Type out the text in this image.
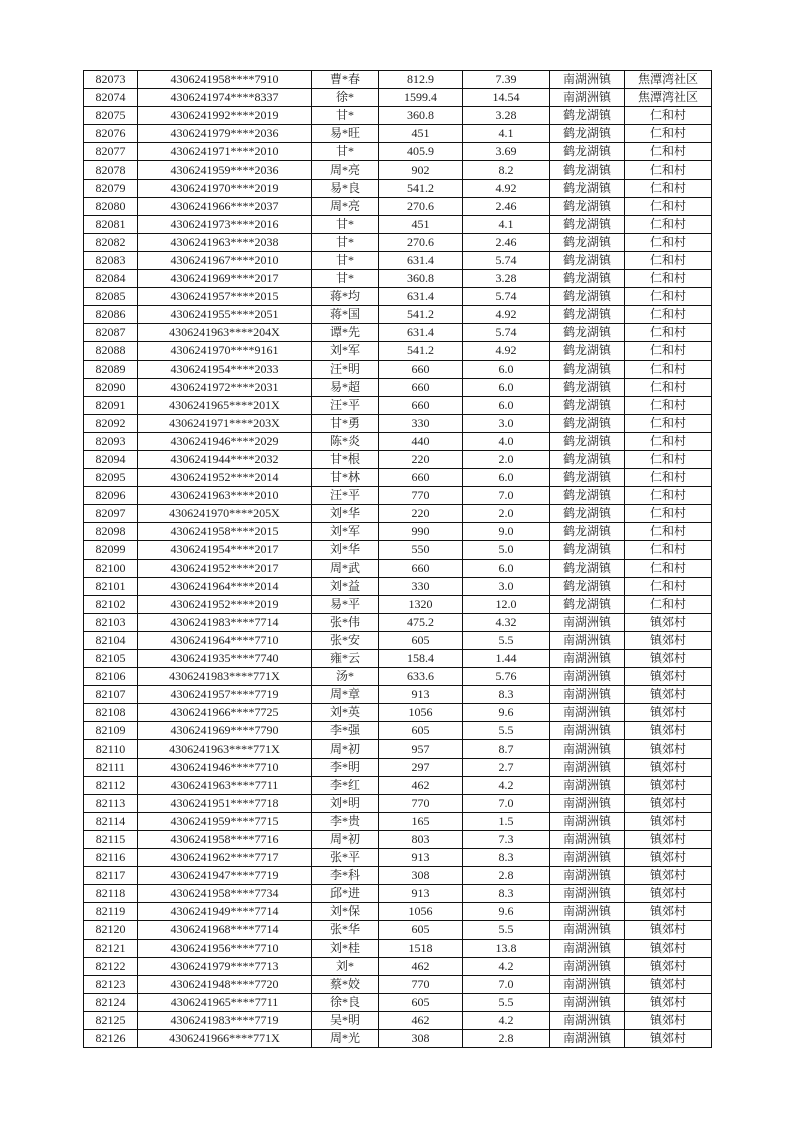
82073	4306241958****7910	曹*春	812.9	7.39	南湖洲镇	焦潭湾社区
82074	4306241974****8337	徐*	1599.4	14.54	南湖洲镇	焦潭湾社区
82075	4306241992****2019	甘*	360.8	3.28	鹤龙湖镇	仁和村
82076	4306241979****2036	易*旺	451	4.1	鹤龙湖镇	仁和村
82077	4306241971****2010	甘*	405.9	3.69	鹤龙湖镇	仁和村
82078	4306241959****2036	周*亮	902	8.2	鹤龙湖镇	仁和村
82079	4306241970****2019	易*良	541.2	4.92	鹤龙湖镇	仁和村
82080	4306241966****2037	周*亮	270.6	2.46	鹤龙湖镇	仁和村
82081	4306241973****2016	甘*	451	4.1	鹤龙湖镇	仁和村
82082	4306241963****2038	甘*	270.6	2.46	鹤龙湖镇	仁和村
82083	4306241967****2010	甘*	631.4	5.74	鹤龙湖镇	仁和村
82084	4306241969****2017	甘*	360.8	3.28	鹤龙湖镇	仁和村
82085	4306241957****2015	蒋*均	631.4	5.74	鹤龙湖镇	仁和村
82086	4306241955****2051	蒋*国	541.2	4.92	鹤龙湖镇	仁和村
82087	4306241963****204X	谭*先	631.4	5.74	鹤龙湖镇	仁和村
82088	4306241970****9161	刘*军	541.2	4.92	鹤龙湖镇	仁和村
82089	4306241954****2033	汪*明	660	6.0	鹤龙湖镇	仁和村
82090	4306241972****2031	易*超	660	6.0	鹤龙湖镇	仁和村
82091	4306241965****201X	汪*平	660	6.0	鹤龙湖镇	仁和村
82092	4306241971****203X	甘*勇	330	3.0	鹤龙湖镇	仁和村
82093	4306241946****2029	陈*炎	440	4.0	鹤龙湖镇	仁和村
82094	4306241944****2032	甘*根	220	2.0	鹤龙湖镇	仁和村
82095	4306241952****2014	甘*林	660	6.0	鹤龙湖镇	仁和村
82096	4306241963****2010	汪*平	770	7.0	鹤龙湖镇	仁和村
82097	4306241970****205X	刘*华	220	2.0	鹤龙湖镇	仁和村
82098	4306241958****2015	刘*军	990	9.0	鹤龙湖镇	仁和村
82099	4306241954****2017	刘*华	550	5.0	鹤龙湖镇	仁和村
82100	4306241952****2017	周*武	660	6.0	鹤龙湖镇	仁和村
82101	4306241964****2014	刘*益	330	3.0	鹤龙湖镇	仁和村
82102	4306241952****2019	易*平	1320	12.0	鹤龙湖镇	仁和村
82103	4306241983****7714	张*伟	475.2	4.32	南湖洲镇	镇郊村
82104	4306241964****7710	张*安	605	5.5	南湖洲镇	镇郊村
82105	4306241935****7740	雍*云	158.4	1.44	南湖洲镇	镇郊村
82106	4306241983****771X	汤*	633.6	5.76	南湖洲镇	镇郊村
82107	4306241957****7719	周*章	913	8.3	南湖洲镇	镇郊村
82108	4306241966****7725	刘*英	1056	9.6	南湖洲镇	镇郊村
82109	4306241969****7790	李*强	605	5.5	南湖洲镇	镇郊村
82110	4306241963****771X	周*初	957	8.7	南湖洲镇	镇郊村
82111	4306241946****7710	李*明	297	2.7	南湖洲镇	镇郊村
82112	4306241963****7711	李*红	462	4.2	南湖洲镇	镇郊村
82113	4306241951****7718	刘*明	770	7.0	南湖洲镇	镇郊村
82114	4306241959****7715	李*贵	165	1.5	南湖洲镇	镇郊村
82115	4306241958****7716	周*初	803	7.3	南湖洲镇	镇郊村
82116	4306241962****7717	张*平	913	8.3	南湖洲镇	镇郊村
82117	4306241947****7719	李*科	308	2.8	南湖洲镇	镇郊村
82118	4306241958****7734	邱*进	913	8.3	南湖洲镇	镇郊村
82119	4306241949****7714	刘*保	1056	9.6	南湖洲镇	镇郊村
82120	4306241968****7714	张*华	605	5.5	南湖洲镇	镇郊村
82121	4306241956****7710	刘*桂	1518	13.8	南湖洲镇	镇郊村
82122	4306241979****7713	刘*	462	4.2	南湖洲镇	镇郊村
82123	4306241948****7720	蔡*姣	770	7.0	南湖洲镇	镇郊村
82124	4306241965****7711	徐*良	605	5.5	南湖洲镇	镇郊村
82125	4306241983****7719	吴*明	462	4.2	南湖洲镇	镇郊村
82126	4306241966****771X	周*光	308	2.8	南湖洲镇	镇郊村
